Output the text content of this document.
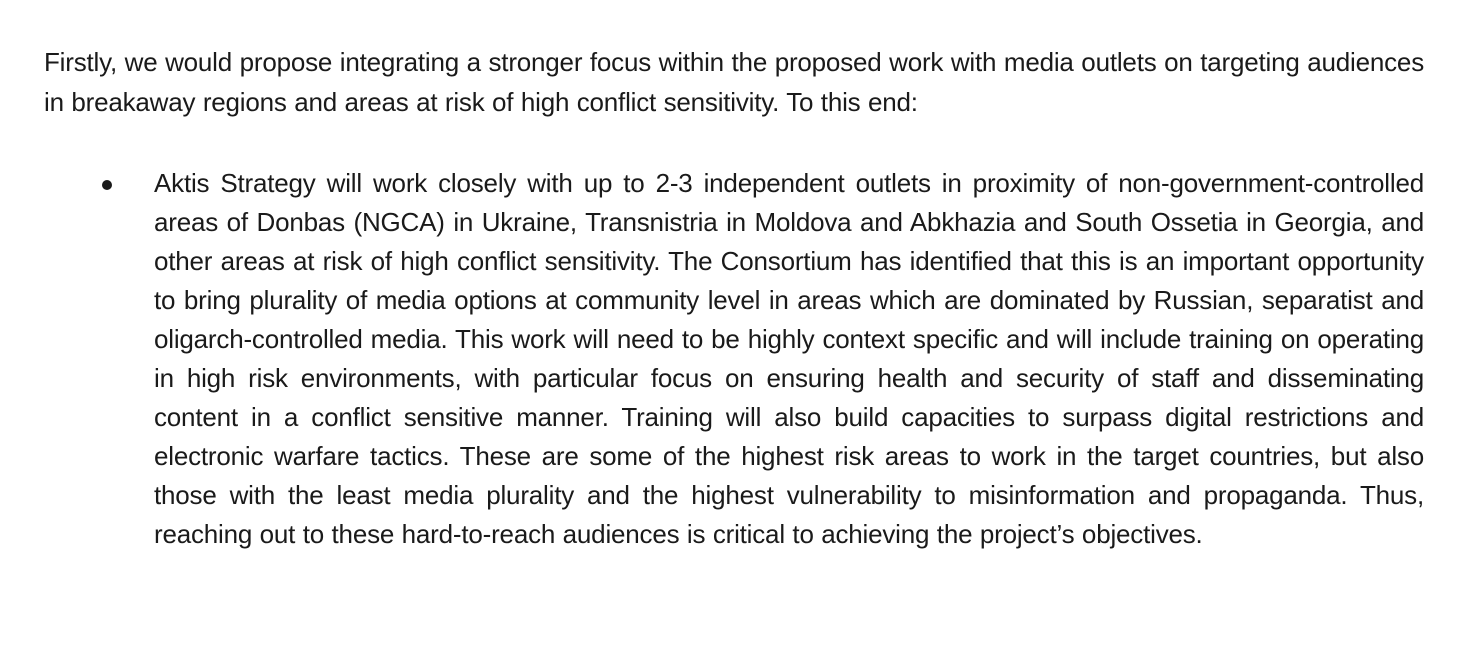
Firstly, we would propose integrating a stronger focus within the proposed work with media outlets on targeting audiences in breakaway regions and areas at risk of high conflict sensitivity. To this end:

Aktis Strategy will work closely with up to 2-3 independent outlets in proximity of non-government-controlled areas of Donbas (NGCA) in Ukraine, Transnistria in Moldova and Abkhazia and South Ossetia in Georgia, and other areas at risk of high conflict sensitivity. The Consortium has identified that this is an important opportunity to bring plurality of media options at community level in areas which are dominated by Russian, separatist and oligarch-controlled media. This work will need to be highly context specific and will include training on operating in high risk environments, with particular focus on ensuring health and security of staff and disseminating content in a conflict sensitive manner. Training will also build capacities to surpass digital restrictions and electronic warfare tactics. These are some of the highest risk areas to work in the target countries, but also those with the least media plurality and the highest vulnerability to misinformation and propaganda. Thus, reaching out to these hard-to-reach audiences is critical to achieving the project’s objectives.
